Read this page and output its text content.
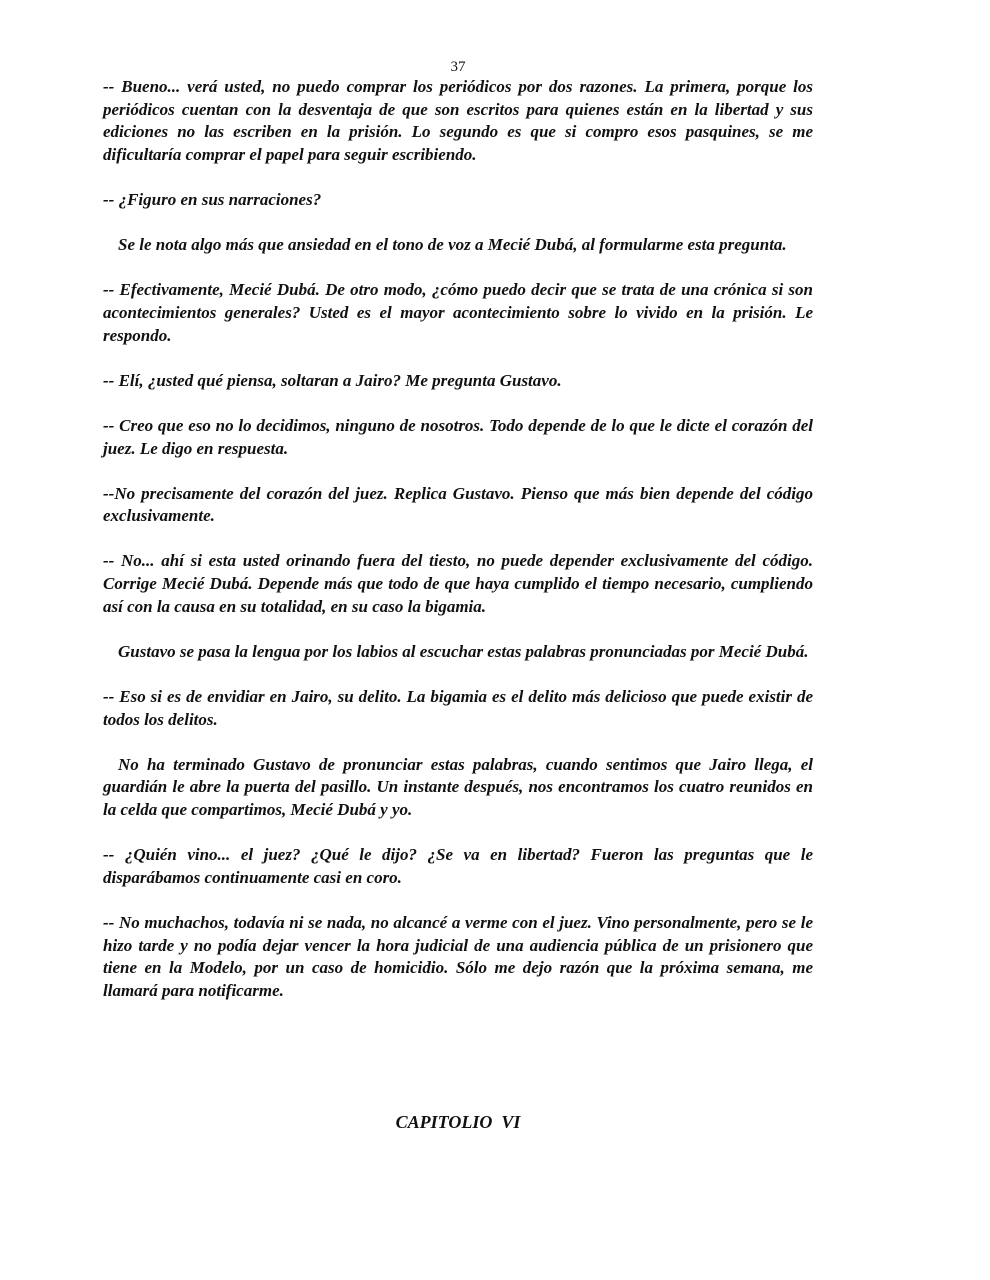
37

-- Bueno... verá usted, no puedo comprar los periódicos por dos razones. La primera, porque los periódicos cuentan con la desventaja de que son escritos para quienes están en la libertad y sus ediciones no las escriben en la prisión. Lo segundo es que si compro esos pasquines, se me dificultaría comprar el papel para seguir escribiendo.

-- ¿Figuro en sus narraciones?

Se le nota algo más que ansiedad en el tono de voz a Mecié Dubá, al formularme esta pregunta.

-- Efectivamente, Mecié Dubá. De otro modo, ¿cómo puedo decir que se trata de una crónica si son acontecimientos generales? Usted es el mayor acontecimiento sobre lo vivido en la prisión. Le respondo.

-- Elí, ¿usted qué piensa, soltaran a Jairo? Me pregunta Gustavo.

-- Creo que eso no lo decidimos, ninguno de nosotros. Todo depende de lo que le dicte el corazón del juez. Le digo en respuesta.

--No precisamente del corazón del juez. Replica Gustavo. Pienso que más bien depende del código exclusivamente.

-- No... ahí si esta usted orinando fuera del tiesto, no puede depender exclusivamente del código. Corrige Mecié Dubá. Depende más que todo de que haya cumplido el tiempo necesario, cumpliendo así con la causa en su totalidad, en su caso la bigamia.

Gustavo se pasa la lengua por los labios al escuchar estas palabras pronunciadas por Mecié Dubá.

-- Eso si es de envidiar en Jairo, su delito. La bigamia es el delito más delicioso que puede existir de todos los delitos.

No ha terminado Gustavo de pronunciar estas palabras, cuando sentimos que Jairo llega, el guardián le abre la puerta del pasillo. Un instante después, nos encontramos los cuatro reunidos en la celda que compartimos, Mecié Dubá y yo.

-- ¿Quién vino... el juez? ¿Qué le dijo? ¿Se va en libertad? Fueron las preguntas que le disparábamos continuamente casi en coro.

-- No muchachos, todavía ni se nada, no alcancé a verme con el juez. Vino personalmente, pero se le hizo tarde y no podía dejar vencer la hora judicial de una audiencia pública de un prisionero que tiene en la Modelo, por un caso de homicidio. Sólo me dejo razón que la próxima semana, me llamará para notificarme.

CAPITOLIO  VI
